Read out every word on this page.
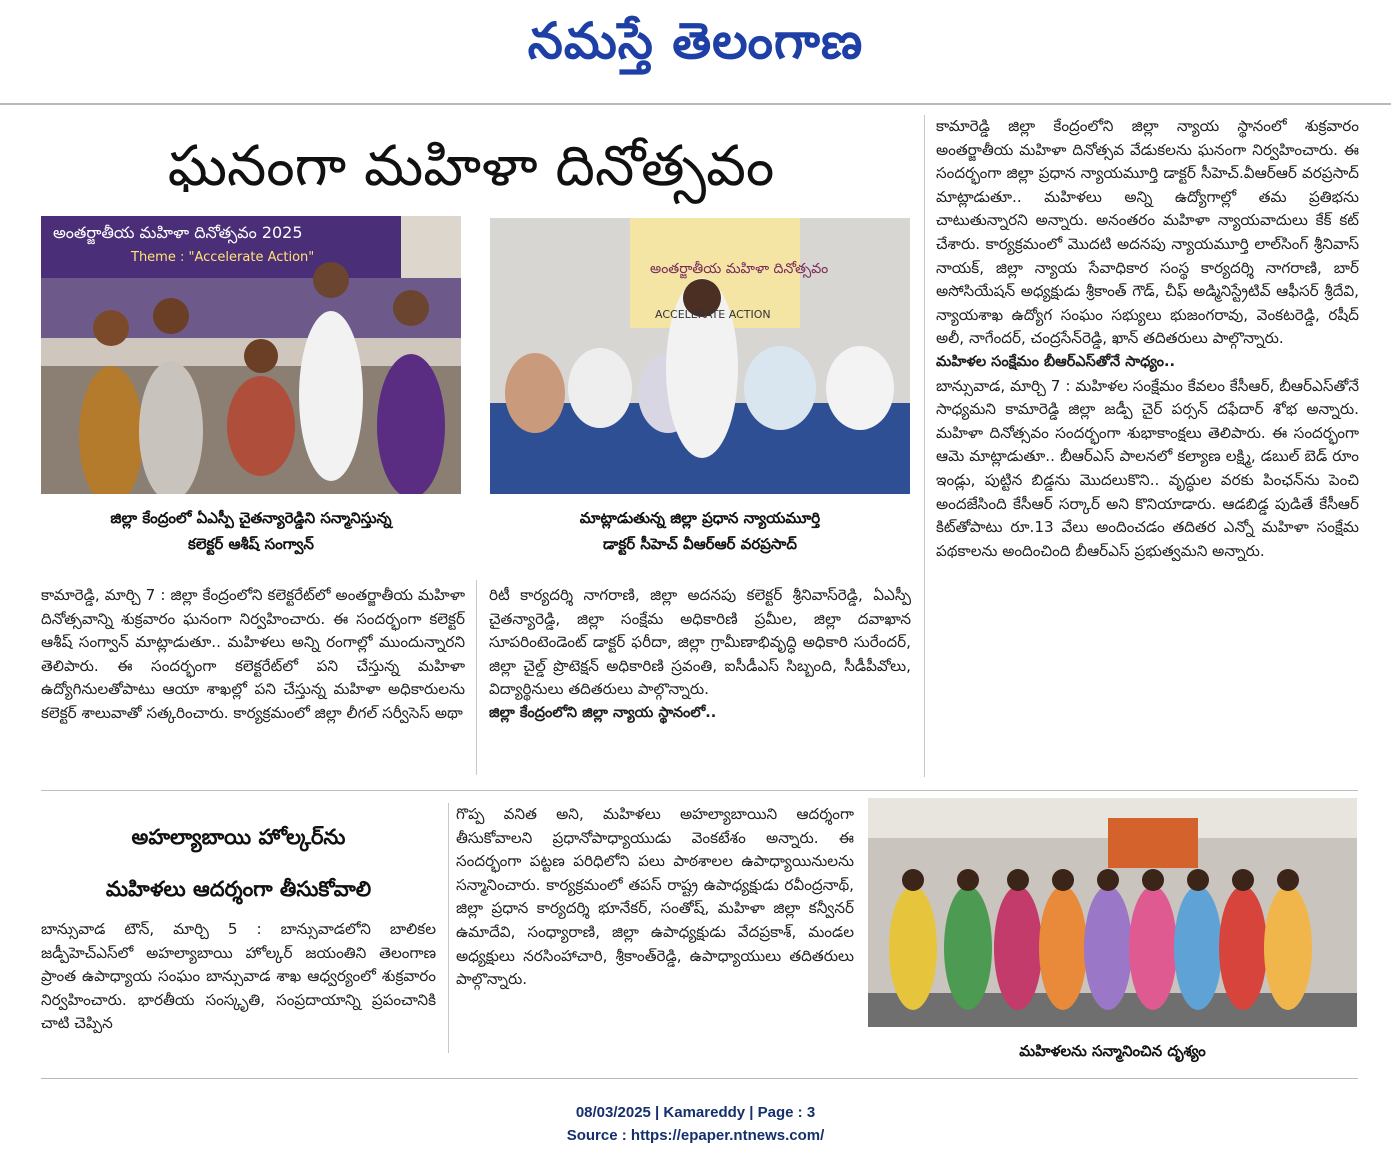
నమస్తే తెలంగాణ
ఘనంగా మహిళా దినోత్సవం
అంతర్జాతీయ మహిళా దినోత్సవం 2025
Theme : "Accelerate Action"
జిల్లా కేంద్రంలో ఏఎస్పీ చైతన్యారెడ్డిని సన్మానిస్తున్న
కలెక్టర్ ఆశీష్ సంగ్వాన్
అంతర్జాతీయ మహిళా దినోత్సవం
ACCELERATE ACTION
మాట్లాడుతున్న జిల్లా ప్రధాన న్యాయమూర్తి
డాక్టర్ సీహెచ్ వీఆర్ఆర్ వరప్రసాద్

కామారెడ్డి, మార్చి 7 : జిల్లా కేంద్రంలోని కలెక్టరేట్‌లో అంతర్జాతీయ మహిళా దినోత్సవాన్ని శుక్రవారం ఘనంగా నిర్వహించారు. ఈ సందర్భంగా కలెక్టర్ ఆశీష్ సంగ్వాన్ మాట్లాడుతూ.. మహిళలు అన్ని రంగాల్లో ముందున్నారని తెలిపారు. ఈ సందర్భంగా కలెక్టరేట్‌లో పని చేస్తున్న మహిళా ఉద్యోగినులతోపాటు ఆయా శాఖల్లో పని చేస్తున్న మహిళా అధికారులను కలెక్టర్ శాలువాతో సత్కరించారు. కార్యక్రమంలో జిల్లా లీగల్ సర్వీసెస్ అథా

రిటీ కార్యదర్శి నాగరాణి, జిల్లా అదనపు కలెక్టర్ శ్రీనివాస్‌రెడ్డి, ఏఎస్పీ చైతన్యారెడ్డి, జిల్లా సంక్షేమ అధికారిణి ప్రమీల, జిల్లా దవాఖాన సూపరింటెండెంట్ డాక్టర్ ఫరీదా, జిల్లా గ్రామీణాభివృద్ధి అధికారి సురేందర్, జిల్లా చైల్డ్ ప్రొటెక్షన్ అధికారిణి స్రవంతి, ఐసీడీఎస్ సిబ్బంది, సీడీపీవోలు, విద్యార్థినులు తదితరులు పాల్గొన్నారు.

జిల్లా కేంద్రంలోని జిల్లా న్యాయ స్థానంలో..

కామారెడ్డి జిల్లా కేంద్రంలోని జిల్లా న్యాయ స్థానంలో శుక్రవారం అంతర్జాతీయ మహిళా దినోత్సవ వేడుకలను ఘనంగా నిర్వహించారు. ఈ సందర్భంగా జిల్లా ప్రధాన న్యాయమూర్తి డాక్టర్ సీహెచ్.వీఆర్ఆర్ వరప్రసాద్ మాట్లాడుతూ.. మహిళలు అన్ని ఉద్యోగాల్లో తమ ప్రతిభను చాటుతున్నారని అన్నారు. అనంతరం మహిళా న్యాయవాదులు కేక్ కట్ చేశారు. కార్యక్రమంలో మొదటి అదనపు న్యాయమూర్తి లాల్‌సింగ్ శ్రీనివాస్ నాయక్, జిల్లా న్యాయ సేవాధికార సంస్థ కార్యదర్శి నాగరాణి, బార్ అసోసియేషన్ అధ్యక్షుడు శ్రీకాంత్ గౌడ్, చీఫ్ అడ్మినిస్ట్రేటివ్ ఆఫీసర్ శ్రీదేవి, న్యాయశాఖ ఉద్యోగ సంఘం సభ్యులు భుజంగరావు, వెంకటరెడ్డి, రషీద్ అలీ, నాగేందర్, చంద్రసేన్‌రెడ్డి, ఖాన్ తదితరులు పాల్గొన్నారు.

మహిళల సంక్షేమం బీఆర్‌ఎస్‌తోనే సాధ్యం..

బాన్సువాడ, మార్చి 7 : మహిళల సంక్షేమం కేవలం కేసీఆర్, బీఆర్‌ఎస్‌తోనే సాధ్యమని కామారెడ్డి జిల్లా జడ్పీ చైర్ పర్సన్ దఫేదార్ శోభ అన్నారు. మహిళా దినోత్సవం సందర్భంగా శుభాకాంక్షలు తెలిపారు. ఈ సందర్భంగా ఆమె మాట్లాడుతూ.. బీఆర్‌ఎస్ పాలనలో కల్యాణ లక్ష్మి, డబుల్ బెడ్ రూం ఇండ్లు, పుట్టిన బిడ్డను మొదలుకొని.. వృద్ధుల వరకు పింఛన్‌ను పెంచి అందజేసింది కేసీఆర్ సర్కార్ అని కొనియాడారు. ఆడబిడ్డ పుడితే కేసీఆర్ కిట్‌తోపాటు రూ.13 వేలు అందించడం తదితర ఎన్నో మహిళా సంక్షేమ పథకాలను అందించింది బీఆర్‌ఎస్ ప్రభుత్వమని అన్నారు.

అహల్యాబాయి హోల్కర్‌ను
మహిళలు ఆదర్శంగా తీసుకోవాలి

బాన్సువాడ టౌన్, మార్చి 5 : బాన్సువాడలోని బాలికల జడ్పీహెచ్‌ఎస్‌లో అహల్యాబాయి హోల్కర్ జయంతిని తెలంగాణ ప్రాంత ఉపాధ్యాయ సంఘం బాన్సువాడ శాఖ ఆధ్వర్యంలో శుక్రవారం నిర్వహించారు. భారతీయ సంస్కృతి, సంప్రదాయాన్ని ప్రపంచానికి చాటి చెప్పిన

గొప్ప వనిత అని, మహిళలు అహల్యాబాయిని ఆదర్శంగా తీసుకోవాలని ప్రధానోపాధ్యాయుడు వెంకటేశం అన్నారు. ఈ సందర్భంగా పట్టణ పరిధిలోని పలు పాఠశాలల ఉపాధ్యాయినులను సన్మానించారు. కార్యక్రమంలో తపస్ రాష్ట్ర ఉపాధ్యక్షుడు రవీంద్రనాథ్, జిల్లా ప్రధాన కార్యదర్శి భూనేకర్, సంతోష్, మహిళా జిల్లా కన్వీనర్ ఉమాదేవి, సంధ్యారాణి, జిల్లా ఉపాధ్యక్షుడు వేదప్రకాశ్, మండల అధ్యక్షులు నరసింహాచారి, శ్రీకాంత్‌రెడ్డి, ఉపాధ్యాయులు తదితరులు పాల్గొన్నారు.

మహిళలను సన్మానించిన దృశ్యం
08/03/2025 | Kamareddy | Page : 3
Source : https://epaper.ntnews.com/
